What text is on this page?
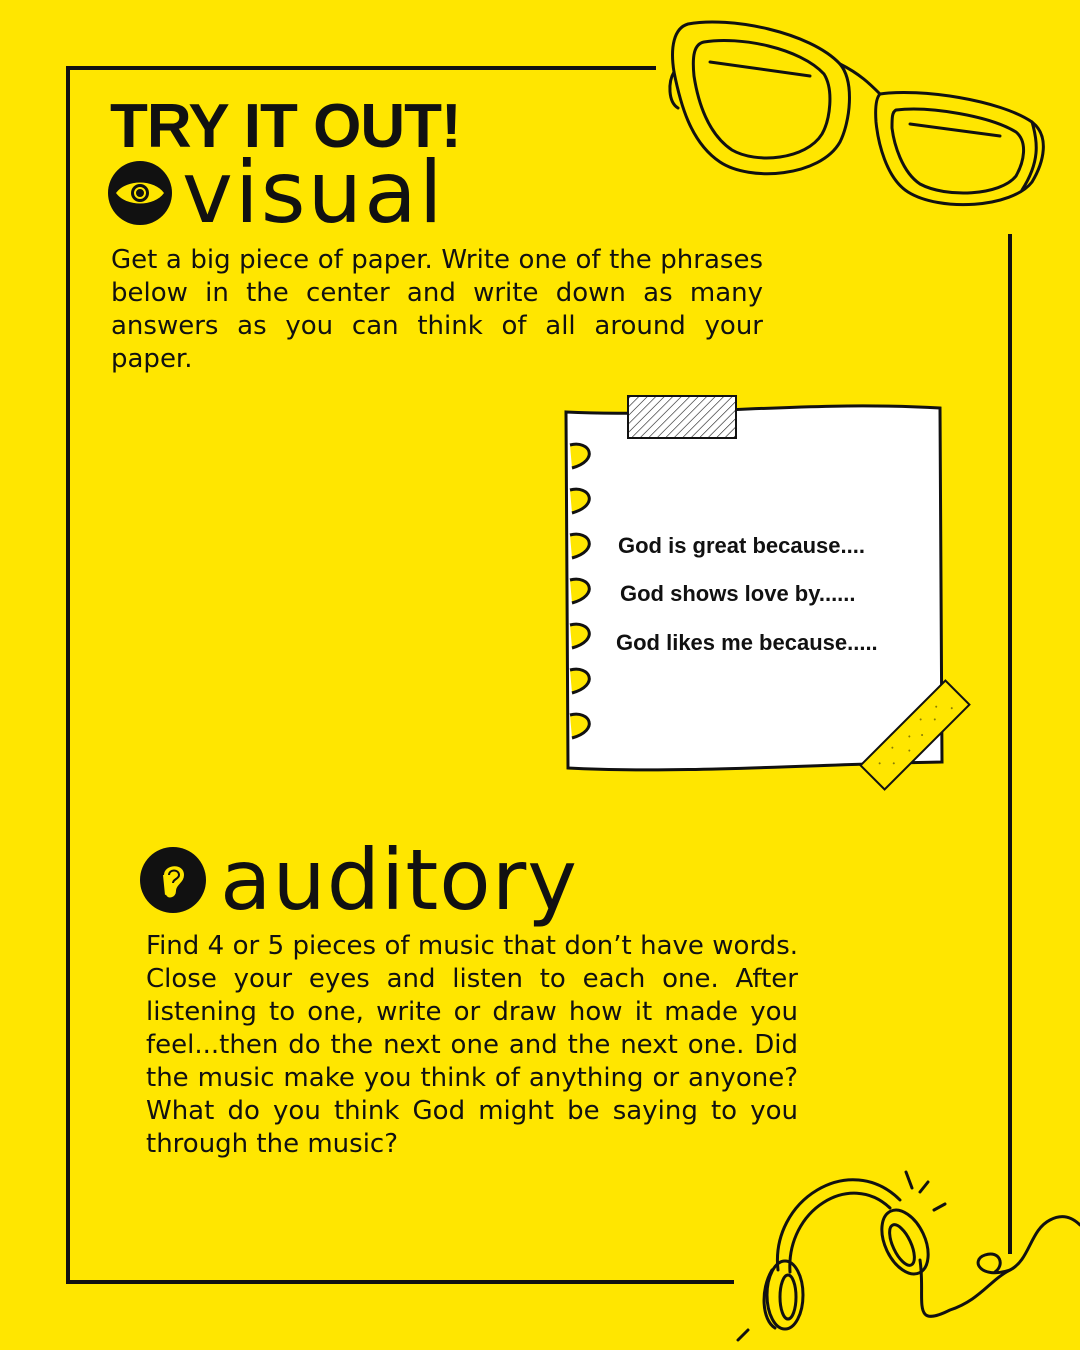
TRY IT OUT!
visual

Get a big piece of paper. Write one of the phrases below in the center and write down as many answers as you can think of all around your paper.

God is great because....

God shows love by......

God likes me because.....

auditory

Find 4 or 5 pieces of music that don’t have words. Close your eyes and listen to each one. After listening to one, write or draw how it made you feel...then do the next one and the next one. Did the music make you think of anything or anyone? What do you think God might be saying to you through the music?
